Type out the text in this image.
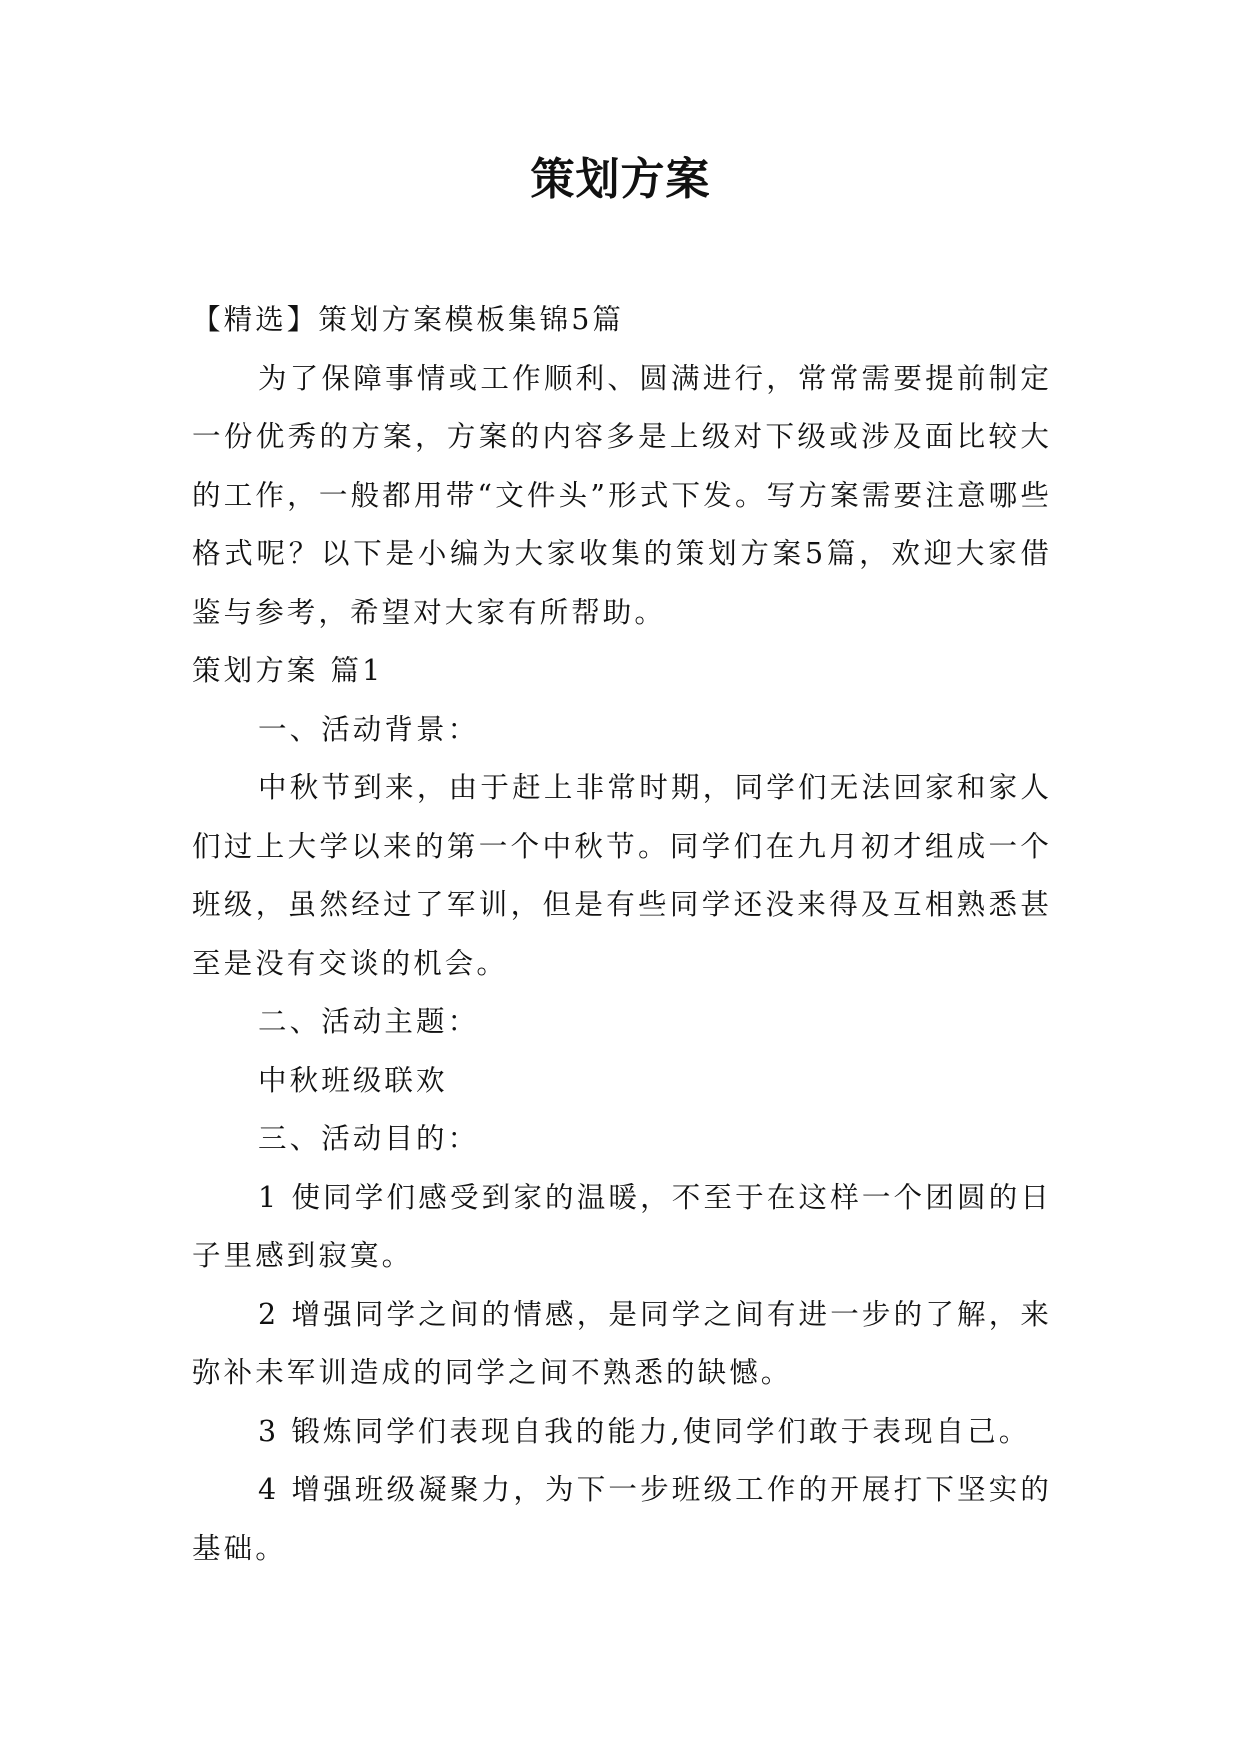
策划方案

【精选】策划方案模板集锦5篇

为了保障事情或工作顺利、圆满进行，常常需要提前制定一份优秀的方案，方案的内容多是上级对下级或涉及面比较大的工作，一般都用带“文件头”形式下发。写方案需要注意哪些格式呢？以下是小编为大家收集的策划方案5篇，欢迎大家借鉴与参考，希望对大家有所帮助。

策划方案 篇1

一、活动背景：

中秋节到来，由于赶上非常时期，同学们无法回家和家人们过上大学以来的第一个中秋节。同学们在九月初才组成一个班级，虽然经过了军训，但是有些同学还没来得及互相熟悉甚至是没有交谈的机会。

二、活动主题：

中秋班级联欢

三、活动目的：

1 使同学们感受到家的温暖，不至于在这样一个团圆的日子里感到寂寞。

2 增强同学之间的情感，是同学之间有进一步的了解，来弥补未军训造成的同学之间不熟悉的缺憾。

3 锻炼同学们表现自我的能力,使同学们敢于表现自己。

4 增强班级凝聚力，为下一步班级工作的开展打下坚实的基础。
